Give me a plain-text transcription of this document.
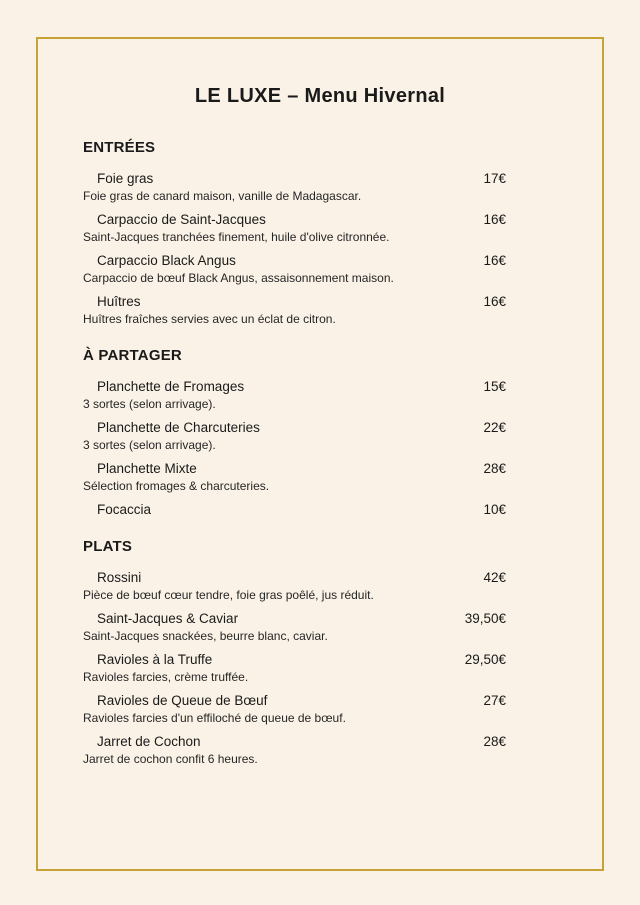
LE LUXE – Menu Hivernal
ENTRÉES
Foie gras	17€

Foie gras de canard maison, vanille de Madagascar.

Carpaccio de Saint-Jacques	16€

Saint-Jacques tranchées finement, huile d'olive citronnée.

Carpaccio Black Angus	16€

Carpaccio de bœuf Black Angus, assaisonnement maison.

Huîtres	16€

Huîtres fraîches servies avec un éclat de citron.

À PARTAGER
Planchette de Fromages	15€

3 sortes (selon arrivage).

Planchette de Charcuteries	22€

3 sortes (selon arrivage).

Planchette Mixte	28€

Sélection fromages & charcuteries.

Focaccia	10€
PLATS
Rossini	42€

Pièce de bœuf cœur tendre, foie gras poêlé, jus réduit.

Saint-Jacques & Caviar	39,50€

Saint-Jacques snackées, beurre blanc, caviar.

Ravioles à la Truffe	29,50€

Ravioles farcies, crème truffée.

Ravioles de Queue de Bœuf	27€

Ravioles farcies d'un effiloché de queue de bœuf.

Jarret de Cochon	28€

Jarret de cochon confit 6 heures.
